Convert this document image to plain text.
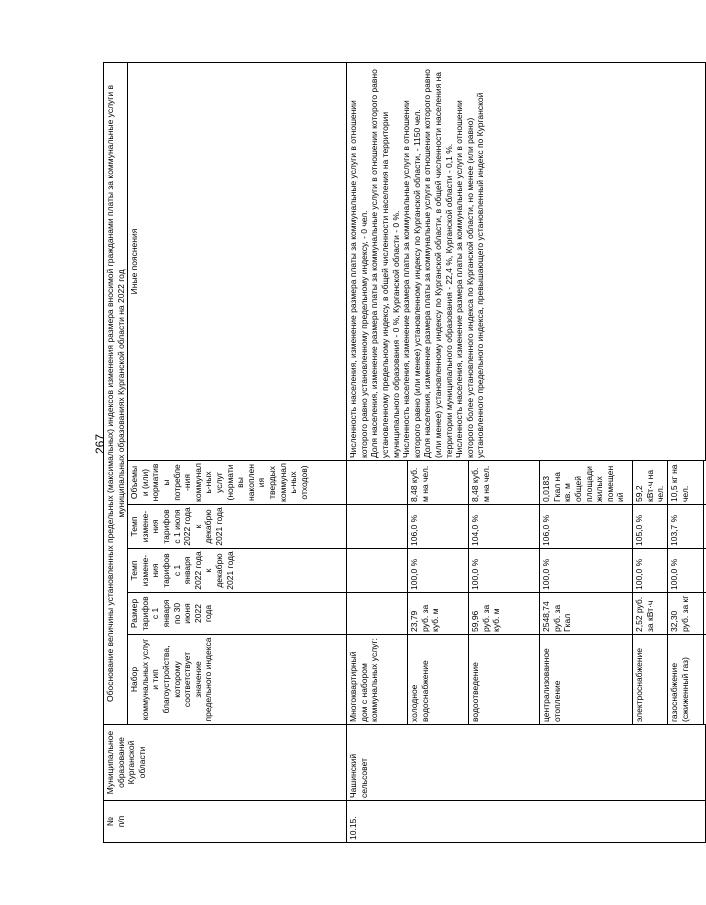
267
№
п/п	Муниципальное образование Курганской области	Обоснование величины установленных предельных (максимальных) индексов изменения размера вносимой гражданами платы за коммунальные услуги в муниципальных образованиях Курганской области на 2022 год					
		Набор коммунальных услуг и тип благоустройства, которому соответствует значение предельного индекса	Размер тарифов с 1 января по 30 июня 2022 года	Темп измене-ния тарифов с 1 января 2022 года к декабрю 2021 года	Темп измене-ния тарифов с 1 июля 2022 года к декабрю 2021 года	Объемы и (или) нормативы потребле-ния коммуналь-ных услуг (нормативы накопления твердых коммуналь-ных отходов)	Иные пояснения
10.15.	Чашинский сельсовет	Многоквартирный дом с набором коммунальных услуг:					Численность населения, изменение размера платы за коммунальные услуги в отношении которого равно установленному предельному индексу, - 0 чел.
Доля населения, изменение размера платы за коммунальные услуги в отношении которого равно установленному предельному индексу, в общей численности населения на территории муниципального образования - 0 %, Курганской области - 0 %.
Численность населения, изменение размера платы за коммунальные услуги в отношении которого равно (или менее) установленному индексу по Курганской области, - 1150 чел.
Доля населения, изменение размера платы за коммунальные услуги в отношении которого равно (или менее) установленному индексу по Курганской области, в общей численности населения на территории муниципального образования - 22,4 %, Курганской области - 0,1 %.
Численность населения, изменение размера платы за коммунальные услуги в отношении которого более установленного индекса по Курганской области, но менее (или равно) установленного предельного индекса, превышающего установленный индекс по Курганской
		холодное водоснабжение	23,79 руб. за куб. м	100,0 %	106,0 %	8,48 куб. м на чел.	
		водоотведение	59,96 руб. за куб. м	100,0 %	104,0 %	8,48 куб. м на чел.	
		централизованное отопление	2548,74 руб. за Гкал	100,0 %	106,0 %	0,0183 Гкал на кв. м общей площади жилых помещений	
		электроснабжение	2,52 руб. за кВт·ч	100,0 %	105,0 %	59,2 кВт·ч на чел.	
		газоснабжение (сжиженный газ)	32,30 руб. за кг	100,0 %	103,7 %	10,5 кг на чел.	
